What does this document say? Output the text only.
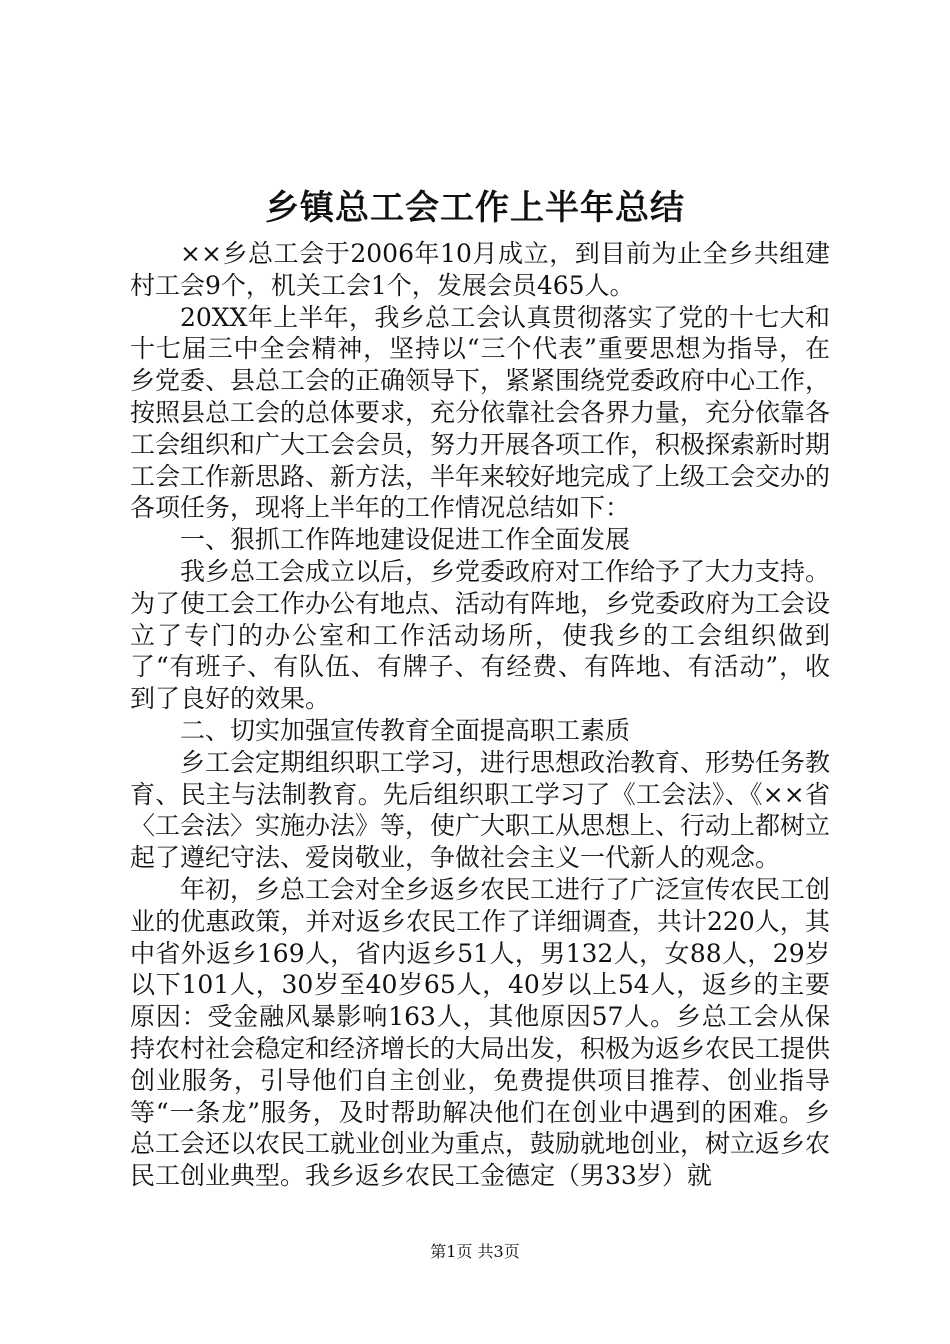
乡镇总工会工作上半年总结

××乡总工会于2006年10月成立，到目前为止全乡共组建村工会9个，机关工会1个，发展会员465人。

20XX年上半年，我乡总工会认真贯彻落实了党的十七大和十七届三中全会精神，坚持以“三个代表”重要思想为指导，在乡党委、县总工会的正确领导下，紧紧围绕党委政府中心工作，按照县总工会的总体要求，充分依靠社会各界力量，充分依靠各工会组织和广大工会会员，努力开展各项工作，积极探索新时期工会工作新思路、新方法，半年来较好地完成了上级工会交办的各项任务，现将上半年的工作情况总结如下：

一、狠抓工作阵地建设促进工作全面发展

我乡总工会成立以后，乡党委政府对工作给予了大力支持。为了使工会工作办公有地点、活动有阵地，乡党委政府为工会设立了专门的办公室和工作活动场所，使我乡的工会组织做到了“有班子、有队伍、有牌子、有经费、有阵地、有活动”，收到了良好的效果。

二、切实加强宣传教育全面提高职工素质

乡工会定期组织职工学习，进行思想政治教育、形势任务教育、民主与法制教育。先后组织职工学习了《工会法》、《××省〈工会法〉实施办法》等，使广大职工从思想上、行动上都树立起了遵纪守法、爱岗敬业，争做社会主义一代新人的观念。

年初，乡总工会对全乡返乡农民工进行了广泛宣传农民工创业的优惠政策，并对返乡农民工作了详细调查，共计220人，其中省外返乡169人，省内返乡51人，男132人，女88人，29岁以下101人，30岁至40岁65人，40岁以上54人，返乡的主要原因：受金融风暴影响163人，其他原因57人。乡总工会从保持农村社会稳定和经济增长的大局出发，积极为返乡农民工提供创业服务，引导他们自主创业，免费提供项目推荐、创业指导等“一条龙”服务，及时帮助解决他们在创业中遇到的困难。乡总工会还以农民工就业创业为重点，鼓励就地创业，树立返乡农民工创业典型。我乡返乡农民工金德定（男33岁）就

第1页 共3页
